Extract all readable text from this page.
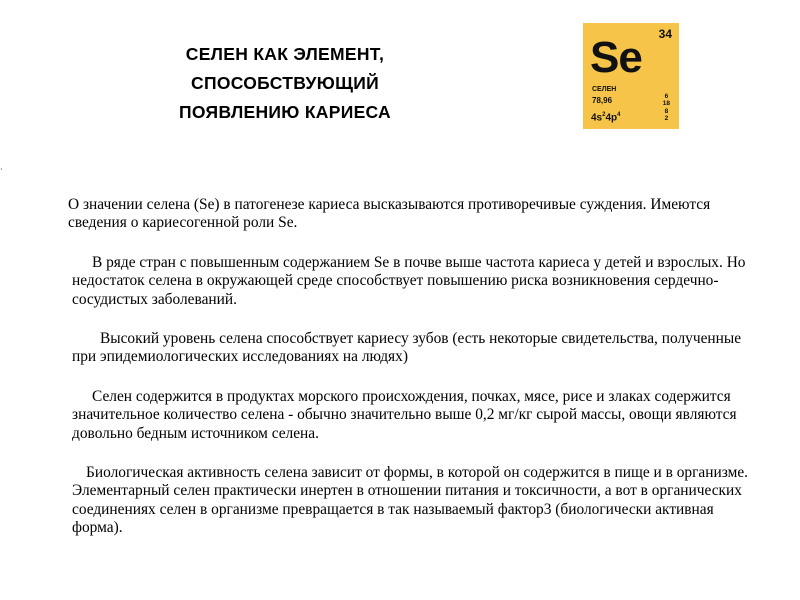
СЕЛЕН КАК ЭЛЕМЕНТ,
СПОСОБСТВУЮЩИЙ
ПОЯВЛЕНИЮ КАРИЕСА
34
Se
СЕЛЕН
78,96
$4s^24p^4$
6
18
8
2
·

О значении селена (Se) в патогенезе кариеса высказываются противоречивые суждения. Имеются сведения о кариесогенной роли Se.

В ряде стран с повышенным содержанием Se в почве выше частота кариеса у детей и взрослых. Но недостаток селена в окружающей среде способствует повышению риска возникновения сердечно-сосудистых заболеваний.

Высокий уровень селена способствует кариесу зубов (есть некоторые свидетельства, полученные при эпидемиологических исследованиях на людях)

Селен содержится в продуктах морского происхождения, почках, мясе, рисе и злаках содержится значительное количество селена - обычно значительно выше 0,2 мг/кг сырой массы, овощи являются довольно бедным источником селена.

Биологическая активность селена зависит от формы, в которой он содержится в пище и в организме. Элементарный селен практически инертен в отношении питания и токсичности, а вот в органических соединениях селен в организме превращается в так называемый фактор3 (биологически активная форма).
